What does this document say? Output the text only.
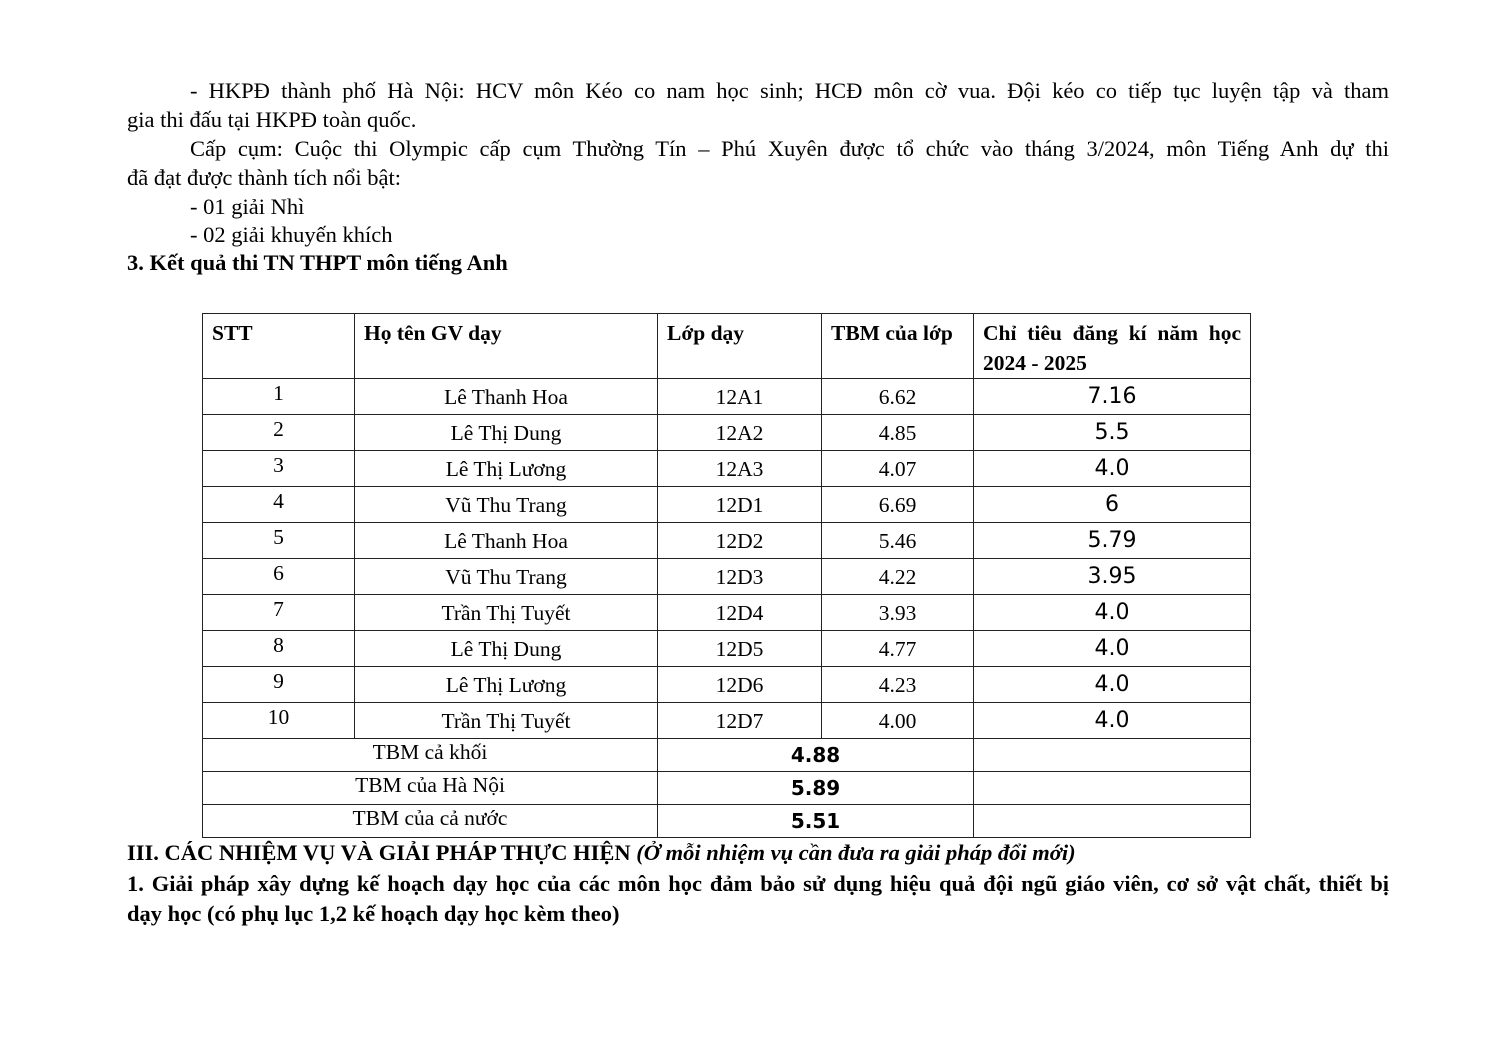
- HKPĐ thành phố Hà Nội: HCV môn Kéo co nam học sinh; HCĐ môn cờ vua. Đội kéo co tiếp tục luyện tập và tham
gia thi đấu tại HKPĐ toàn quốc.
Cấp cụm: Cuộc thi Olympic cấp cụm Thường Tín – Phú Xuyên được tổ chức vào tháng 3/2024, môn Tiếng Anh dự thi
đã đạt được thành tích nổi bật:
- 01 giải Nhì
- 02 giải khuyến khích
3. Kết quả thi TN THPT môn tiếng Anh
STT	Họ tên GV dạy	Lớp dạy	TBM của lớp	Chỉ tiêu đăng kí năm học
2024 - 2025

1	Lê Thanh Hoa	12A1	6.62	7.16
2	Lê Thị Dung	12A2	4.85	5.5
3	Lê Thị Lương	12A3	4.07	4.0
4	Vũ Thu Trang	12D1	6.69	6
5	Lê Thanh Hoa	12D2	5.46	5.79
6	Vũ Thu Trang	12D3	4.22	3.95
7	Trần Thị Tuyết	12D4	3.93	4.0
8	Lê Thị Dung	12D5	4.77	4.0
9	Lê Thị Lương	12D6	4.23	4.0
10	Trần Thị Tuyết	12D7	4.00	4.0
TBM cả khối		4.88		
TBM của Hà Nội		5.89		
TBM của cả nước		5.51		
III. CÁC NHIỆM VỤ VÀ GIẢI PHÁP THỰC HIỆN (Ở mỗi nhiệm vụ cần đưa ra giải pháp đổi mới)
1. Giải pháp xây dựng kế hoạch dạy học của các môn học đảm bảo sử dụng hiệu quả đội ngũ giáo viên, cơ sở vật chất, thiết bị
dạy học (có phụ lục 1,2 kế hoạch dạy học kèm theo)
